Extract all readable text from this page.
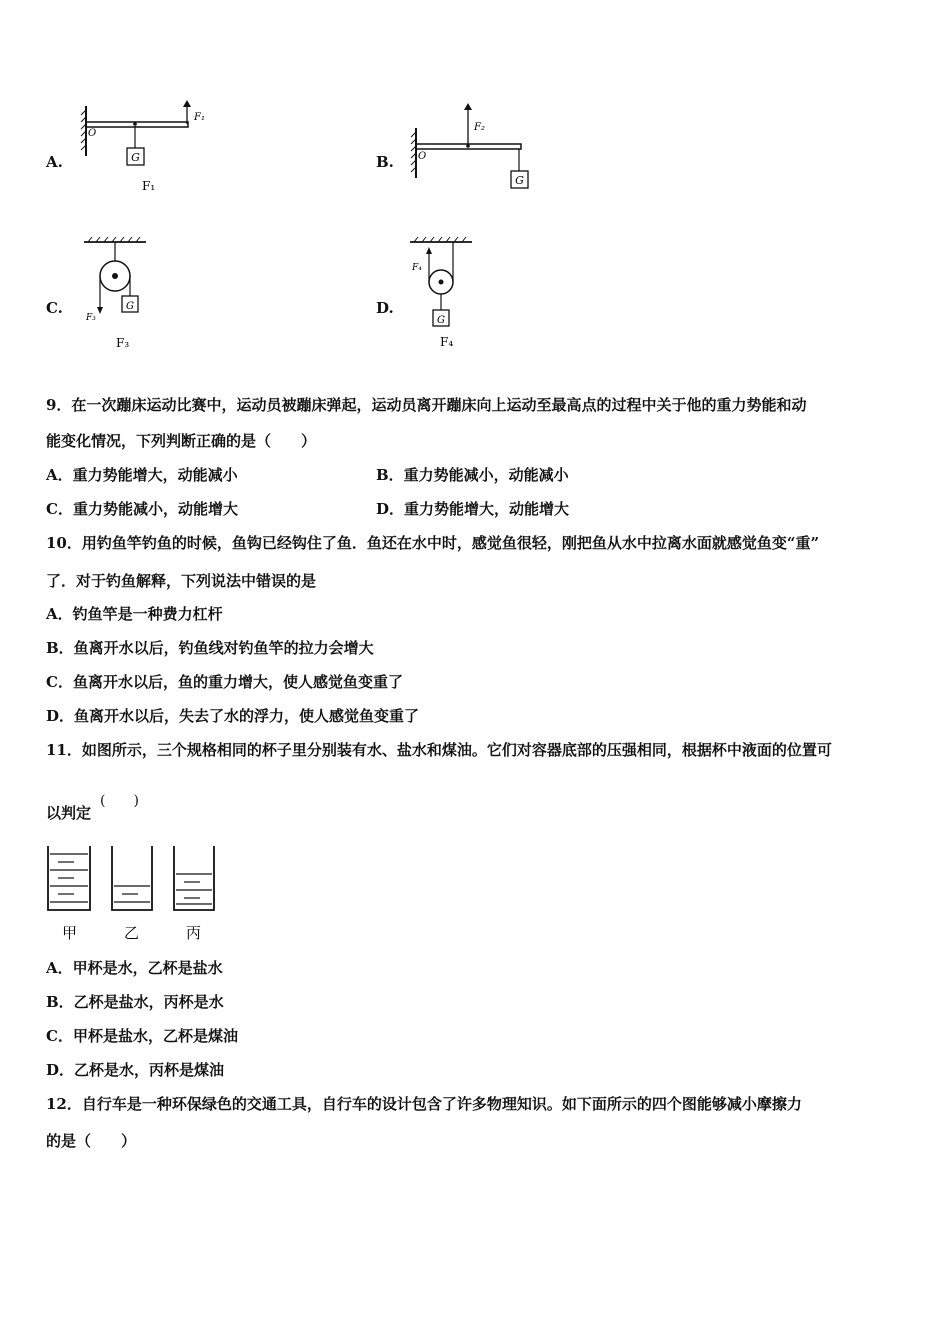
A.	B.
C.	D.
G
O
F₁
F₁
F₂
O
G
G
F₃
F₃
G
F₄
F₄
9．在一次蹦床运动比赛中，运动员被蹦床弹起，运动员离开蹦床向上运动至最高点的过程中关于他的重力势能和动
能变化情况，下列判断正确的是（　　）
A．重力势能增大，动能减小	B．重力势能减小，动能减小
C．重力势能减小，动能增大	D．重力势能增大，动能增大
10．用钓鱼竿钓鱼的时候，鱼钩已经钩住了鱼．鱼还在水中时，感觉鱼很轻，刚把鱼从水中拉离水面就感觉鱼变“重”
了．对于钓鱼解释，下列说法中错误的是
A．钓鱼竿是一种费力杠杆
B．鱼离开水以后，钓鱼线对钓鱼竿的拉力会增大
C．鱼离开水以后，鱼的重力增大，使人感觉鱼变重了
D．鱼离开水以后，失去了水的浮力，使人感觉鱼变重了
11．如图所示，三个规格相同的杯子里分别装有水、盐水和煤油。它们对容器底部的压强相同，根据杯中液面的位置可
以判定
(　　)
甲	乙	丙
A．甲杯是水，乙杯是盐水
B．乙杯是盐水，丙杯是水
C．甲杯是盐水，乙杯是煤油
D．乙杯是水，丙杯是煤油
12．自行车是一种环保绿色的交通工具，自行车的设计包含了许多物理知识。如下面所示的四个图能够减小摩擦力
的是（　　）
